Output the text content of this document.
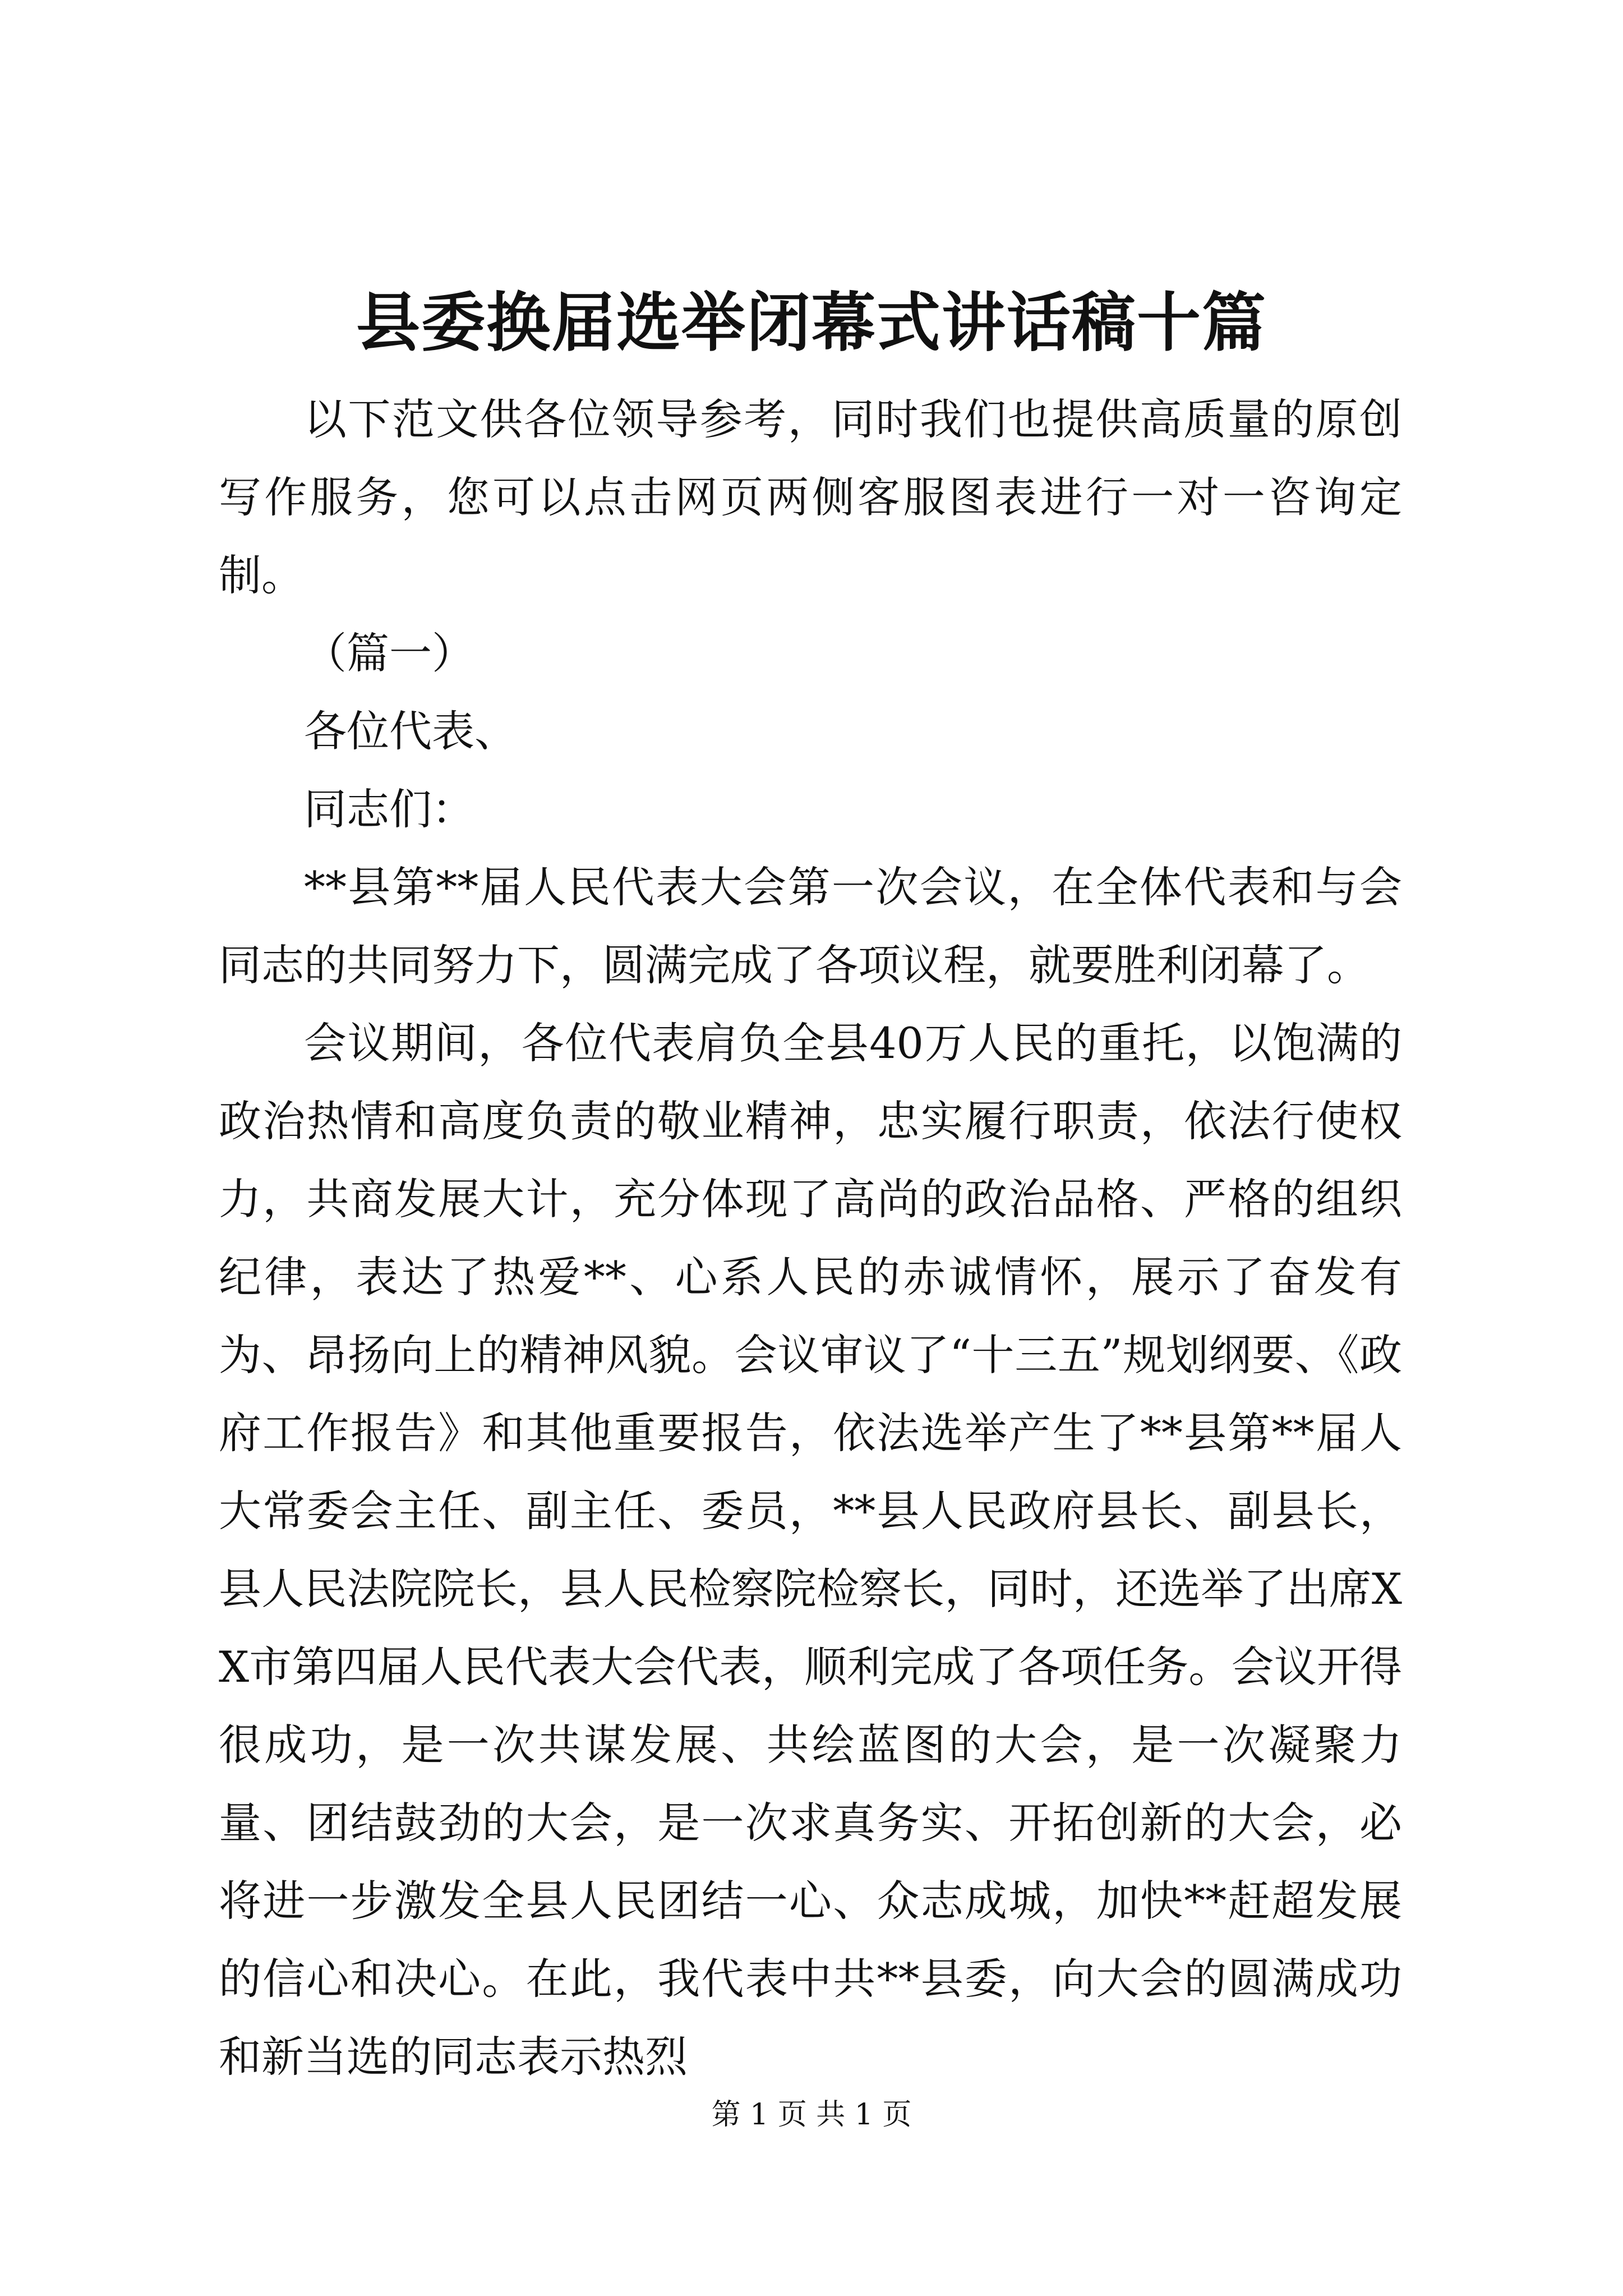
县委换届选举闭幕式讲话稿十篇

以下范文供各位领导参考，同时我们也提供高质量的原创写作服务，您可以点击网页两侧客服图表进行一对一咨询定制。

（篇一）

各位代表、

同志们：

**县第**届人民代表大会第一次会议，在全体代表和与会同志的共同努力下，圆满完成了各项议程，就要胜利闭幕了。

会议期间，各位代表肩负全县40万人民的重托，以饱满的政治热情和高度负责的敬业精神，忠实履行职责，依法行使权力，共商发展大计，充分体现了高尚的政治品格、严格的组织纪律，表达了热爱**、心系人民的赤诚情怀，展示了奋发有为、昂扬向上的精神风貌。会议审议了“十三五”规划纲要、《政府工作报告》和其他重要报告，依法选举产生了**县第**届人大常委会主任、副主任、委员，**县人民政府县长、副县长，县人民法院院长，县人民检察院检察长，同时，还选举了出席XX市第四届人民代表大会代表，顺利完成了各项任务。会议开得很成功，是一次共谋发展、共绘蓝图的大会，是一次凝聚力量、团结鼓劲的大会，是一次求真务实、开拓创新的大会，必将进一步激发全县人民团结一心、众志成城，加快**赶超发展的信心和决心。在此，我代表中共**县委，向大会的圆满成功和新当选的同志表示热烈

第 1 页 共 1 页
